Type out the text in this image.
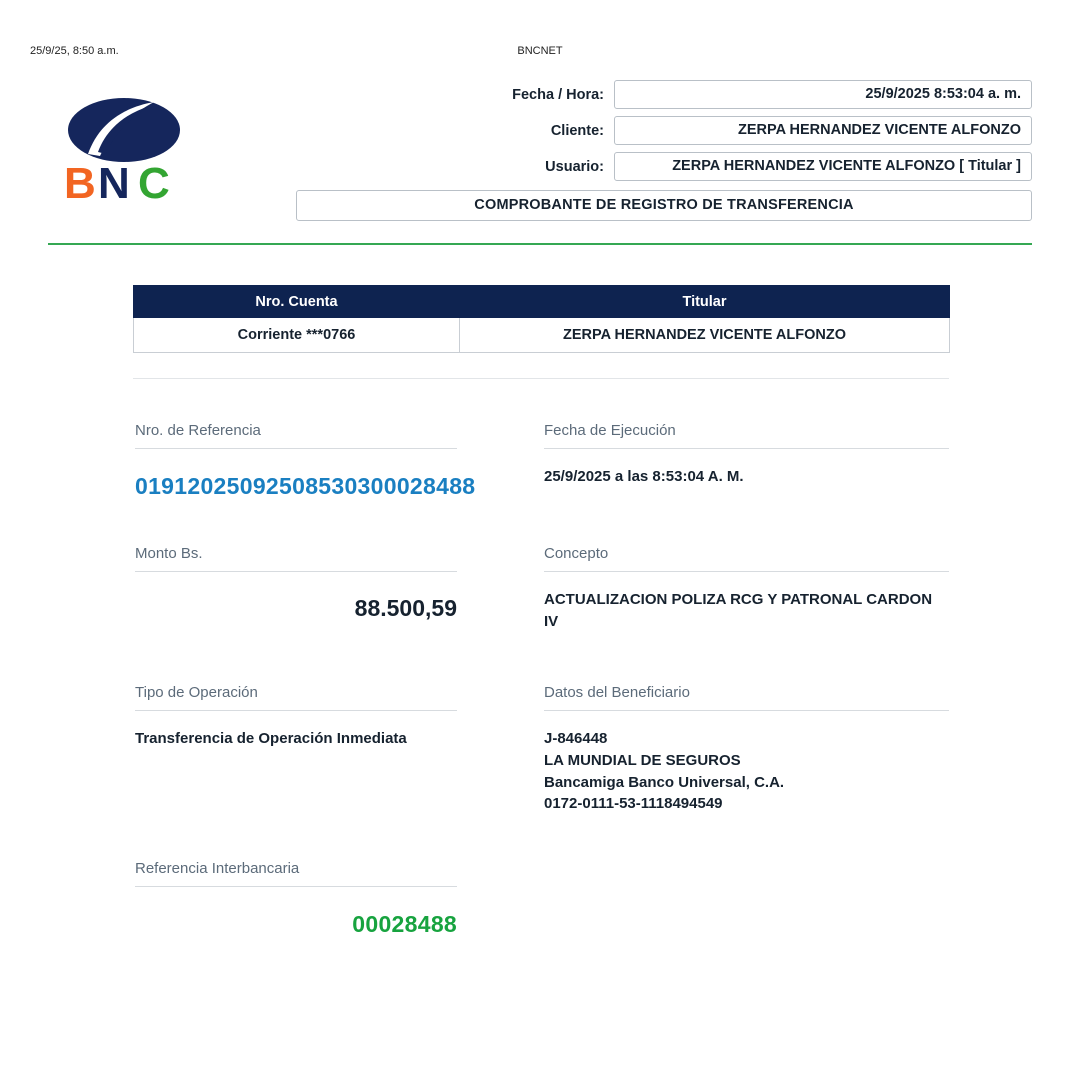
25/9/25, 8:50 a.m.	BNCNET
B N C
Fecha / Hora:	25/9/2025 8:53:04 a. m.
Cliente:	ZERPA HERNANDEZ VICENTE ALFONZO
Usuario:	ZERPA HERNANDEZ VICENTE ALFONZO [ Titular ]
COMPROBANTE DE REGISTRO DE TRANSFERENCIA
Nro. Cuenta	Titular
Corriente ***0766	ZERPA HERNANDEZ VICENTE ALFONZO
Nro. de Referencia
01912025092508530300028488
Fecha de Ejecución
25/9/2025 a las 8:53:04 A. M.
Monto Bs.
88.500,59
Concepto
ACTUALIZACION POLIZA RCG Y PATRONAL CARDON IV
Tipo de Operación
Transferencia de Operación Inmediata
Datos del Beneficiario
J-846448
LA MUNDIAL DE SEGUROS
Bancamiga Banco Universal, C.A.
0172-0111-53-1118494549
Referencia Interbancaria
00028488
